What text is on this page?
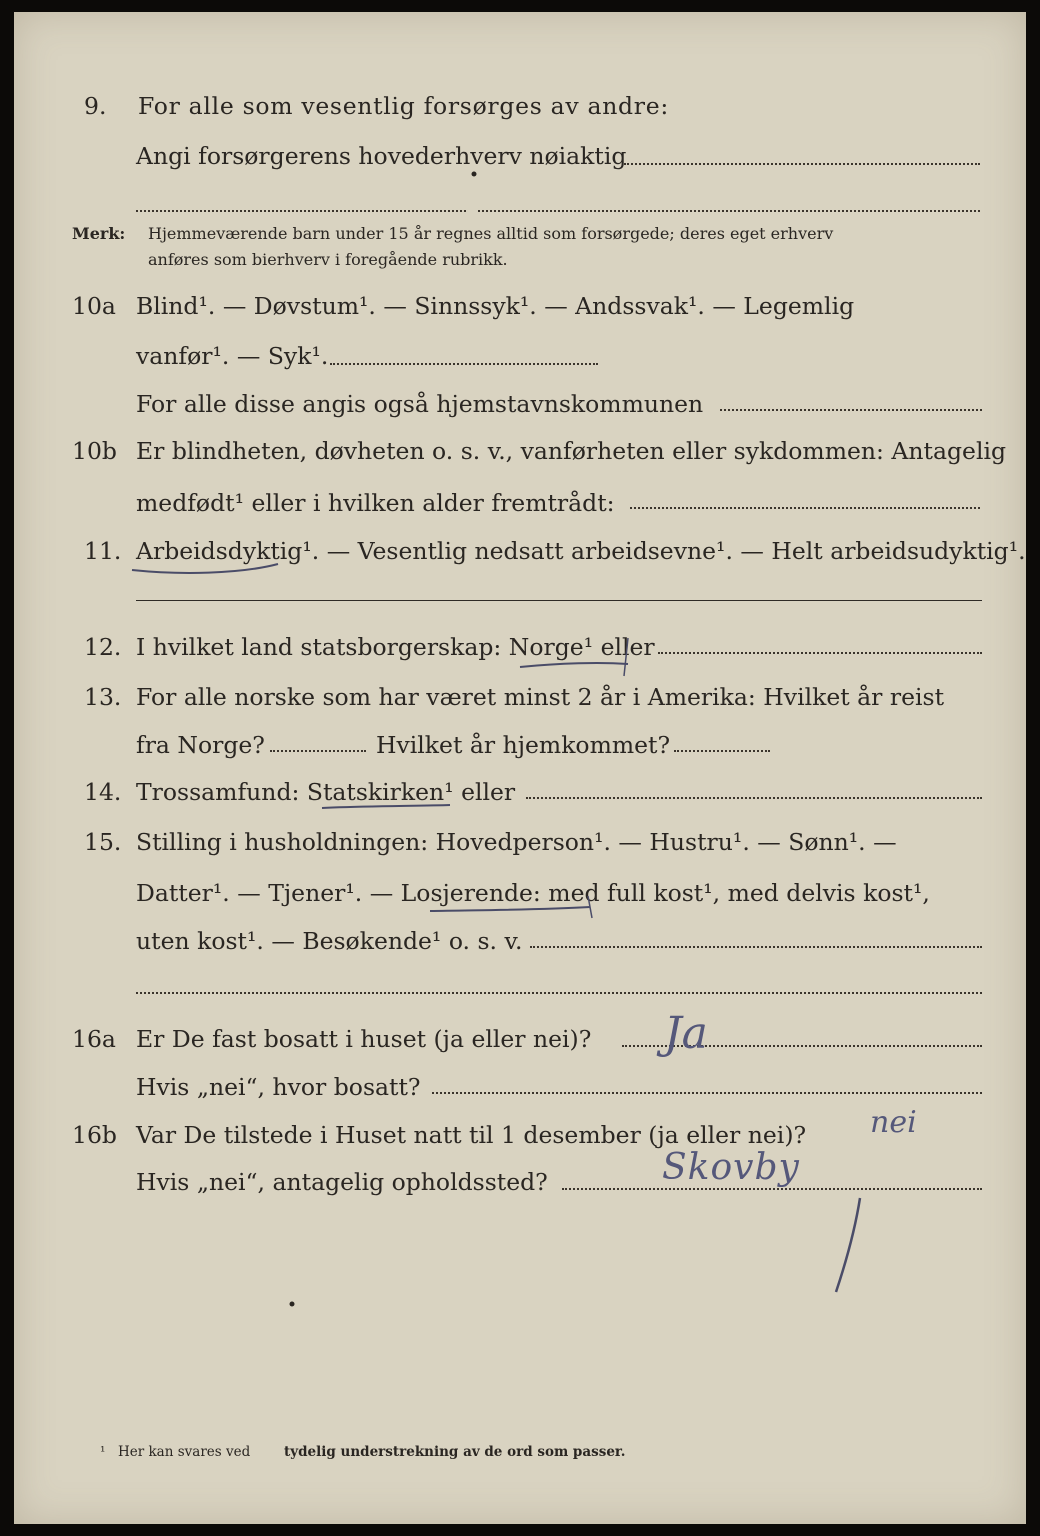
9. For alle som vesentlig forsørges av andre:
Angi forsørgerens hovederhverv nøiaktig
Merk: Hjemmeværende barn under 15 år regnes alltid som forsørgede; deres eget erhverv
anføres som bierhverv i foregående rubrikk.
10a Blind¹. — Døvstum¹. — Sinnssyk¹. — Andssvak¹. — Legemlig
vanfør¹. — Syk¹.
For alle disse angis også hjemstavnskommunen
10b Er blindheten, døvheten o. s. v., vanførheten eller sykdommen: Antagelig
medfødt¹ eller i hvilken alder fremtrådt:
11. Arbeidsdyktig¹. — Vesentlig nedsatt arbeidsevne¹. — Helt arbeidsudyktig¹.
12. I hvilket land statsborgerskap: Norge¹ eller
13. For alle norske som har været minst 2 år i Amerika: Hvilket år reist
fra Norge?	Hvilket år hjemkommet?
14. Trossamfund: Statskirken¹ eller
15. Stilling i husholdningen: Hovedperson¹. — Hustru¹. — Sønn¹. —
Datter¹. — Tjener¹. — Losjerende: med full kost¹, med delvis kost¹,
uten kost¹. — Besøkende¹ o. s. v.
16a Er De fast bosatt i huset (ja eller nei)? Ja
Hvis „nei“, hvor bosatt?
16b Var De tilstede i Huset natt til 1 desember (ja eller nei)? nei
Hvis „nei“, antagelig opholdssted?	Skovby
¹ Her kan svares ved	tydelig understrekning av de ord som passer.
